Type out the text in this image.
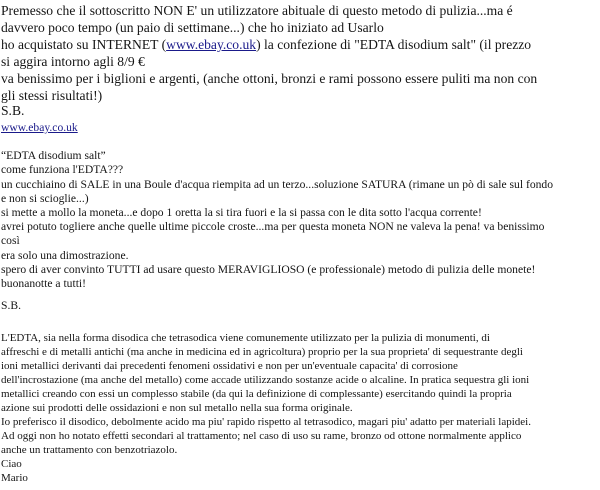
Premesso che il sottoscritto NON E' un utilizzatore abituale di questo metodo di pulizia...ma é
davvero poco tempo (un paio di settimane...) che ho iniziato ad Usarlo
ho acquistato su INTERNET (www.ebay.co.uk) la confezione di "EDTA disodium salt" (il prezzo
si aggira intorno agli 8/9 €
va benissimo per i biglioni e argenti, (anche ottoni, bronzi e rami possono essere puliti ma non con
gli stessi risultati!)
S.B.
www.ebay.co.uk
“EDTA disodium salt”
come funziona l'EDTA???
un cucchiaino di SALE in una Boule d'acqua riempita ad un terzo...soluzione SATURA (rimane un pò di sale sul fondo
e non si scioglie...)
si mette a mollo la moneta...e dopo 1 oretta la si tira fuori e la si passa con le dita sotto l'acqua corrente!
avrei potuto togliere anche quelle ultime piccole croste...ma per questa moneta NON ne valeva la pena! va benissimo
così
era solo una dimostrazione.
spero di aver convinto TUTTI ad usare questo MERAVIGLIOSO (e professionale) metodo di pulizia delle monete!
buonanotte a tutti!
S.B.
L'EDTA, sia nella forma disodica che tetrasodica viene comunemente utilizzato per la pulizia di monumenti, di
affreschi e di metalli antichi (ma anche in medicina ed in agricoltura) proprio per la sua proprieta' di sequestrante degli
ioni metallici derivanti dai precedenti fenomeni ossidativi e non per un'eventuale capacita' di corrosione
dell'incrostazione (ma anche del metallo) come accade utilizzando sostanze acide o alcaline. In pratica sequestra gli ioni
metallici creando con essi un complesso stabile (da qui la definizione di complessante) esercitando quindi la propria
azione sui prodotti delle ossidazioni e non sul metallo nella sua forma originale.
Io preferisco il disodico, debolmente acido ma piu' rapido rispetto al tetrasodico, magari piu' adatto per materiali lapidei.
Ad oggi non ho notato effetti secondari al trattamento; nel caso di uso su rame, bronzo od ottone normalmente applico
anche un trattamento con benzotriazolo.
Ciao
Mario
